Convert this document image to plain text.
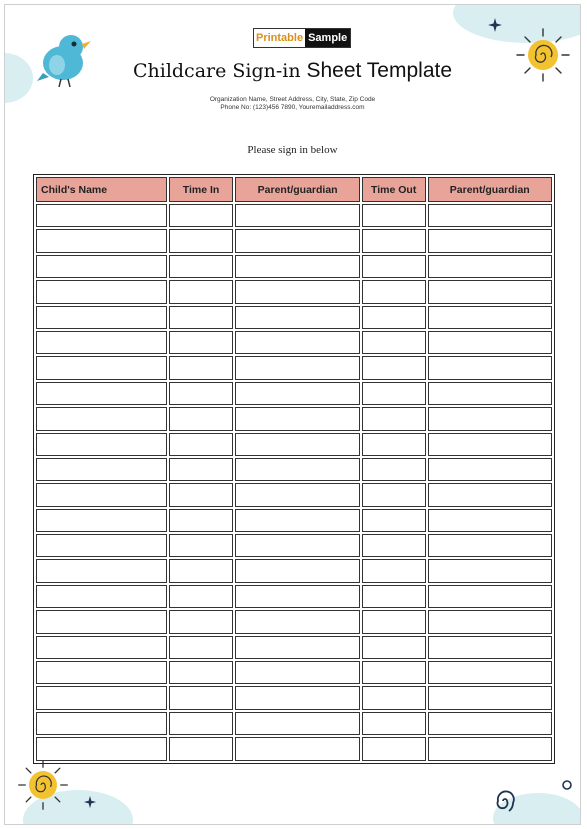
Printable Sample
Childcare Sign-in Sheet Template
Organization Name, Street Address, City, State, Zip Code
Phone No: (123)456 7890, Youremailaddress.com
Please sign in below
Child's Name	Time In	Parent/guardian	Time Out	Parent/guardian
